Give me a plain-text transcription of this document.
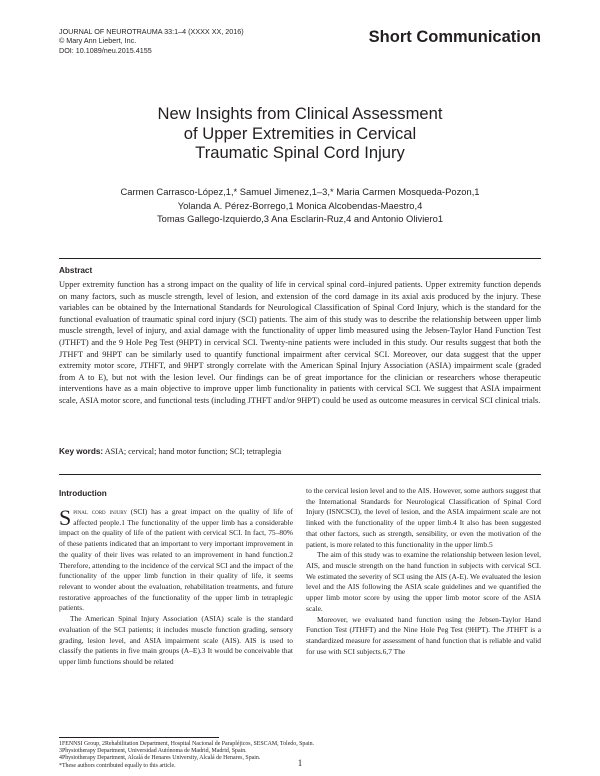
JOURNAL OF NEUROTRAUMA 33:1–4 (XXXX XX, 2016)
© Mary Ann Liebert, Inc.
DOI: 10.1089/neu.2015.4155
Short Communication
New Insights from Clinical Assessment
of Upper Extremities in Cervical
Traumatic Spinal Cord Injury
Carmen Carrasco-López,1,* Samuel Jimenez,1–3,* Maria Carmen Mosqueda-Pozon,1
Yolanda A. Pérez-Borrego,1 Monica Alcobendas-Maestro,4
Tomas Gallego-Izquierdo,3 Ana Esclarin-Ruz,4 and Antonio Oliviero1
Abstract
Upper extremity function has a strong impact on the quality of life in cervical spinal cord–injured patients. Upper extremity function depends on many factors, such as muscle strength, level of lesion, and extension of the cord damage in its axial axis produced by the injury. These variables can be obtained by the International Standards for Neurological Classification of Spinal Cord Injury, which is the standard for the functional evaluation of traumatic spinal cord injury (SCI) patients. The aim of this study was to describe the relationship between upper limb muscle strength, level of injury, and axial damage with the functionality of upper limb measured using the Jebsen-Taylor Hand Function Test (JTHFT) and the 9 Hole Peg Test (9HPT) in cervical SCI. Twenty-nine patients were included in this study. Our results suggest that both the JTHFT and 9HPT can be similarly used to quantify functional impairment after cervical SCI. Moreover, our data suggest that the upper extremity motor score, JTHFT, and 9HPT strongly correlate with the American Spinal Injury Association (ASIA) impairment scale (graded from A to E), but not with the lesion level. Our findings can be of great importance for the clinician or researchers whose therapeutic interventions have as a main objective to improve upper limb functionality in patients with cervical SCI. We suggest that ASIA impairment scale, ASIA motor score, and functional tests (including JTHFT and/or 9HPT) could be used as outcome measures in cervical SCI clinical trials.
Key words: ASIA; cervical; hand motor function; SCI; tetraplegia
Introduction

Spinal cord injury (SCI) has a great impact on the quality of life of affected people.1 The functionality of the upper limb has a considerable impact on the quality of life of the patient with cervical SCI. In fact, 75–80% of these patients indicated that an important to very important improvement in the quality of their lives was related to an improvement in hand function.2 Therefore, attending to the incidence of the cervical SCI and the impact of the functionality of the upper limb function in their quality of life, it seems relevant to wonder about the evaluation, rehabilitation treatments, and future restorative approaches of the functionality of the upper limb in tetraplegic patients.

The American Spinal Injury Association (ASIA) scale is the standard evaluation of the SCI patients; it includes muscle function grading, sensory grading, lesion level, and ASIA impairment scale (AIS). AIS is used to classify the patients in five main groups (A–E).3 It would be conceivable that upper limb functions should be related

to the cervical lesion level and to the AIS. However, some authors suggest that the International Standards for Neurological Classification of Spinal Cord Injury (ISNCSCI), the level of lesion, and the ASIA impairment scale are not linked with the functionality of the upper limb.4 It also has been suggested that other factors, such as strength, sensibility, or even the motivation of the patient, is more related to this functionality in the upper limb.5

The aim of this study was to examine the relationship between lesion level, AIS, and muscle strength on the hand function in subjects with cervical SCI. We estimated the severity of SCI using the AIS (A-E). We evaluated the lesion level and the AIS following the ASIA scale guidelines and we quantified the upper limb motor score by using the upper limb motor score of the ASIA scale.

Moreover, we evaluated hand function using the Jebsen-Taylor Hand Function Test (JTHFT) and the Nine Hole Peg Test (9HPT). The JTHFT is a standardized measure for assessment of hand function that is reliable and valid for use with SCI subjects.6,7 The

1FENNSI Group, 2Rehabilitation Department, Hospital Nacional de Parapléjicos, SESCAM, Toledo, Spain.
3Physiotherapy Department, Universidad Autónoma de Madrid, Madrid, Spain.
4Physiotherapy Department, Alcalá de Henares University, Alcalá de Henares, Spain.
*These authors contributed equally to this article.	1
